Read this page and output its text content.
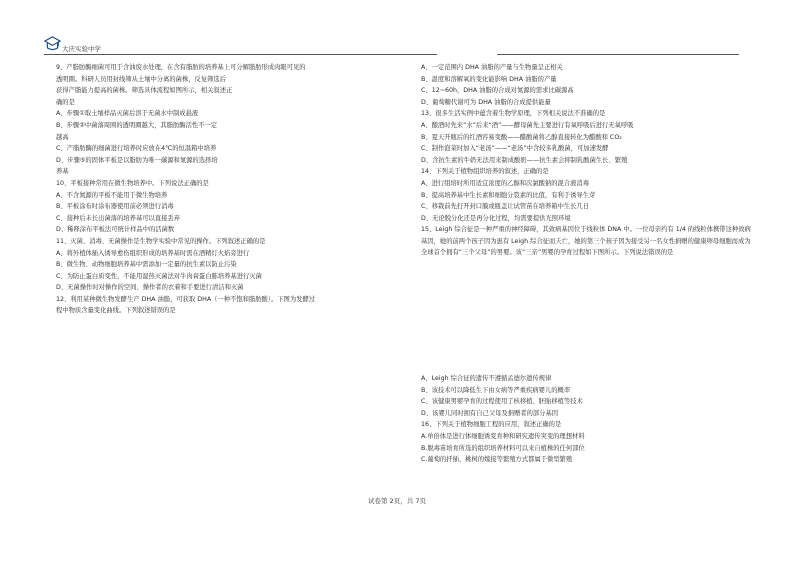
大庆实验中学

9、产脂肪酶细菌可用于含油废水处理，在含有脂肪的培养基上可分解脂肪形成肉眼可见的

透明圈。科研人员用封线筛从土壤中分离的菌株，反复筛选后

获得产脂能力提高的菌株。筛选具体流程如图所示，相关叙述正

确的是

A、步骤①取土壤样品灭菌后溶于无菌水中制成悬液

B、步骤②中菌落周围的透明圈越大，其脂肪酶活性不一定

越高

C、产脂肪酶的细菌进行培养时应放在4℃的恒温箱中培养

D、步骤⑤的固体平板是以脂肪为唯一碳源和氮源的选择培

养基

10、平板接种常用在微生物培养中。下列说法正确的是

A、不含氮源的平板不能用于微生物培养

B、平板涂布时涂布器使用前必须进行消毒

C、接种后未长出菌落的培养基可以直接丢弃

D、稀释涂布平板法可统计样品中的活菌数

11、灭菌、消毒、无菌操作是生物学实验中常见的操作。下列叙述正确的是

A、将外植体插入诱导愈伤组织形成的培养基时需在酒精灯火焰旁进行

B、微生物、动物细胞培养基中需添加一定量的抗生素以防止污染

C、为防止蛋白质变性，不能用湿热灭菌法对牛肉膏蛋白胨培养基进行灭菌

D、无菌操作时对操作的空间、操作者的衣着和手要进行清洁和灭菌

12、利用某种微生物发酵生产 DHA 油脂，可获取 DHA（一种不饱和脂肪酸）。下图为发酵过

程中物质含量变化曲线。下列叙述错误的是

A、一定范围内 DHA 油脂的产量与生物量呈正相关

B、温度和溶解氧的变化能影响 DHA 油脂的产量

C、12~60h，DHA 油脂的合成对氮源的需求比碳源高

D、葡萄糖代谢可为 DHA 油脂的合成提供能量

13、很多生活实例中蕴含着生物学原理，下列相关说法不准确的是

A、酿酒时先来“水”后来“酒”——酵母菌先主要进行有氧呼吸后进行无氧呼吸

B、夏天开瓶后的红酒容易变酸——醋酸菌将乙醇直接转化为醋酸和 CO₂

C、制作泡菜时加入“老汤”——“老汤”中含较多乳酸菌，可加速发酵

D、含抗生素的牛奶无法用来制成酸奶——抗生素会抑制乳酸菌生长、繁殖

14、下列关于植物组织培养的叙述，正确的是

A、进行组培时所用适宜浓度的乙醇和次氯酸钠的混合液消毒

B、提高培养基中生长素和细胞分裂素的比值，有利于诱导生芽

C、移栽前先打开封口膜或瓶盖让试管苗在培养箱中生长几日

D、无论脱分化还是再分化过程，均需要提供光照环境

15、Leigh 综合征是一种严重的神经障碍，其致病基因位于线粒体 DNA 中。一位母亲约有 1/4 的线粒体携带这种致病基因，她的前两个孩子因为患有 Leigh 综合征而夭亡，她的第三个孩子因为接受另一名女性捐赠的健康卵母细胞而成为全球首个拥有“三个父母”的男婴。该“三亲”男婴的孕育过程如下图所示。下列说法错误的是

A、Leigh 综合征的遗传不遵循孟德尔遗传规律

B、该技术可以降低生下由女病等严重疾病婴儿的概率

C、该健康男婴孕育的过程使用了核移植、胚胎移植等技术

D、该婴儿同时拥有自己父母及捐赠者的部分基因

16、下列关于植物细胞工程的应用，叙述正确的是

A.单倍体是进行体细胞诱变育种和研究遗传突变的理想材料

B.脱毒苗培育所选的组织培养材料可以来自植株的任何部位

C.葡萄的扦插、桃树的嫁接等繁殖方式都属于微型繁殖

试卷第 2页，共 7页
